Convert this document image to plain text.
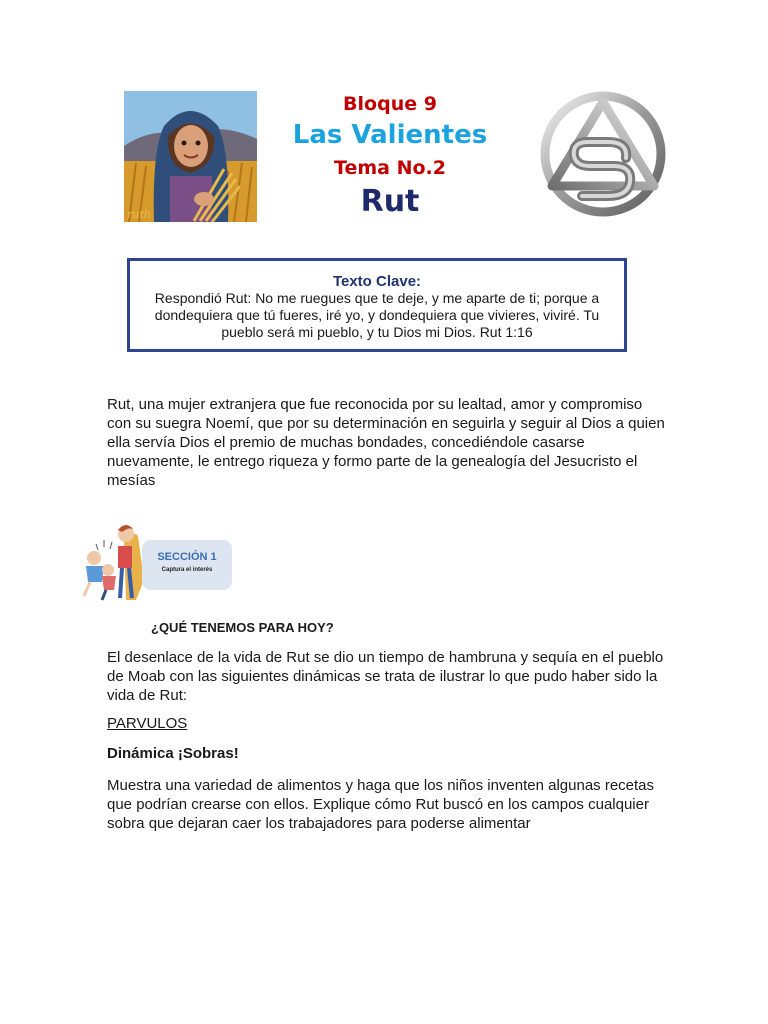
ruth
Bloque 9
Las Valientes
Tema No.2
Rut
Texto Clave:
Respondió Rut: No me ruegues que te deje, y me aparte de ti; porque a dondequiera que tú fueres, iré yo, y dondequiera que vivieres, viviré. Tu pueblo será mi pueblo, y tu Dios mi Dios. Rut 1:16
Rut, una mujer extranjera que fue reconocida por su lealtad, amor y compromiso con su suegra Noemí, que por su determinación en seguirla y seguir al Dios a quien ella servía Dios el premio de muchas bondades, concediéndole casarse nuevamente, le entrego riqueza y formo parte de la genealogía del Jesucristo el mesías
SECCIÓN 1
Captura el interés
¿QUÉ TENEMOS PARA HOY?
El desenlace de la vida de Rut se dio un tiempo de hambruna y sequía en el pueblo de Moab con las siguientes dinámicas se trata de ilustrar lo que pudo haber sido la vida de Rut:
PARVULOS
Dinámica ¡Sobras!
Muestra una variedad de alimentos y haga que los niños inventen algunas recetas que podrían crearse con ellos. Explique cómo Rut buscó en los campos cualquier sobra que dejaran caer los trabajadores para poderse alimentar
